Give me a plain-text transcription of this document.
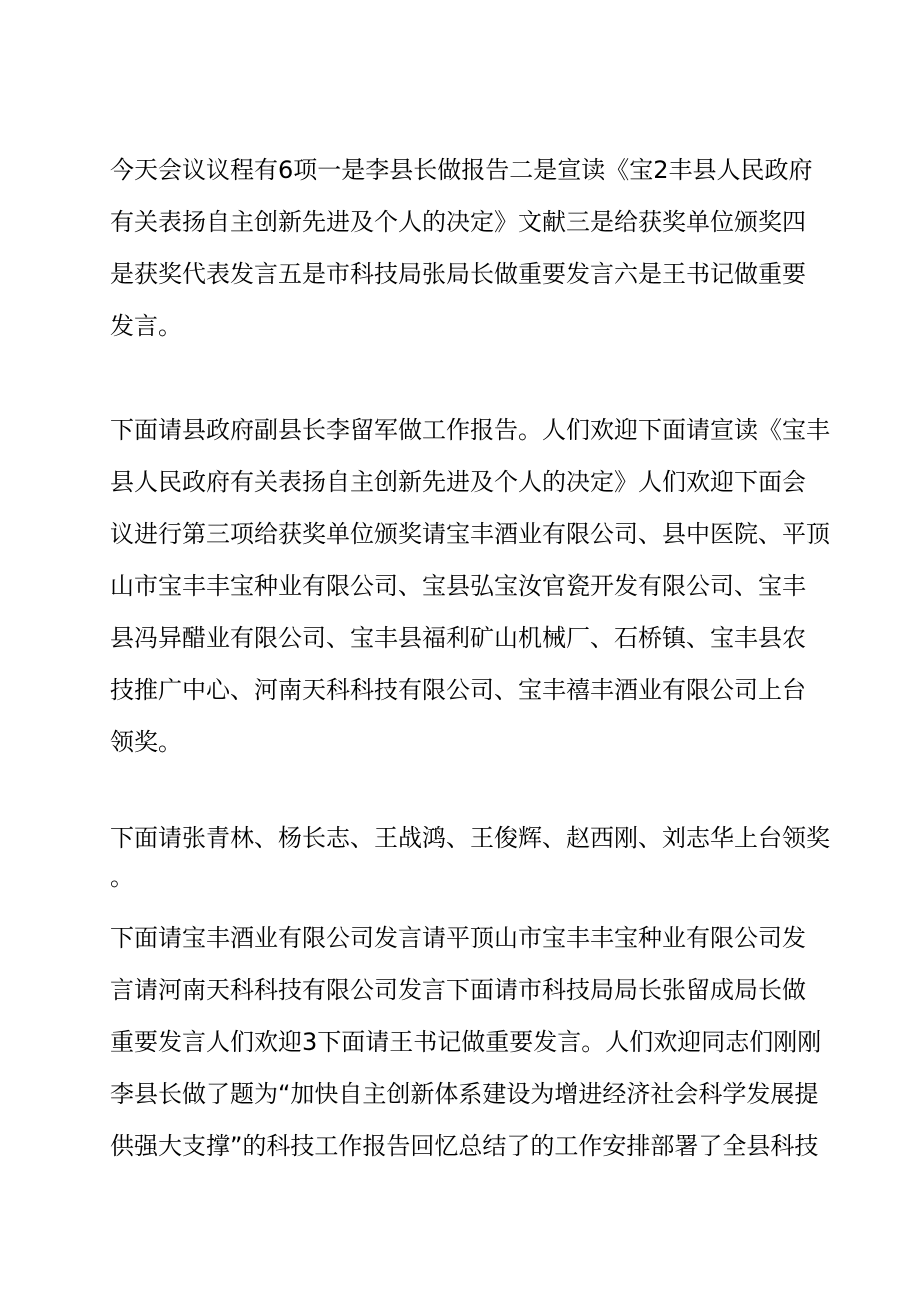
今天会议议程有6项一是李县长做报告二是宣读《宝2丰县人民政府
有关表扬自主创新先进及个人的决定》文献三是给获奖单位颁奖四
是获奖代表发言五是市科技局张局长做重要发言六是王书记做重要
发言。
下面请县政府副县长李留军做工作报告。人们欢迎下面请宣读《宝丰
县人民政府有关表扬自主创新先进及个人的决定》人们欢迎下面会
议进行第三项给获奖单位颁奖请宝丰酒业有限公司、县中医院、平顶
山市宝丰丰宝种业有限公司、宝县弘宝汝官瓷开发有限公司、宝丰
县冯异醋业有限公司、宝丰县福利矿山机械厂、石桥镇、宝丰县农
技推广中心、河南天科科技有限公司、宝丰禧丰酒业有限公司上台
领奖。
下面请张青林、杨长志、王战鸿、王俊辉、赵西刚、刘志华上台领奖
。
下面请宝丰酒业有限公司发言请平顶山市宝丰丰宝种业有限公司发
言请河南天科科技有限公司发言下面请市科技局局长张留成局长做
重要发言人们欢迎3下面请王书记做重要发言。人们欢迎同志们刚刚
李县长做了题为“加快自主创新体系建设为增进经济社会科学发展提
供强大支撑”的科技工作报告回忆总结了的工作安排部署了全县科技
